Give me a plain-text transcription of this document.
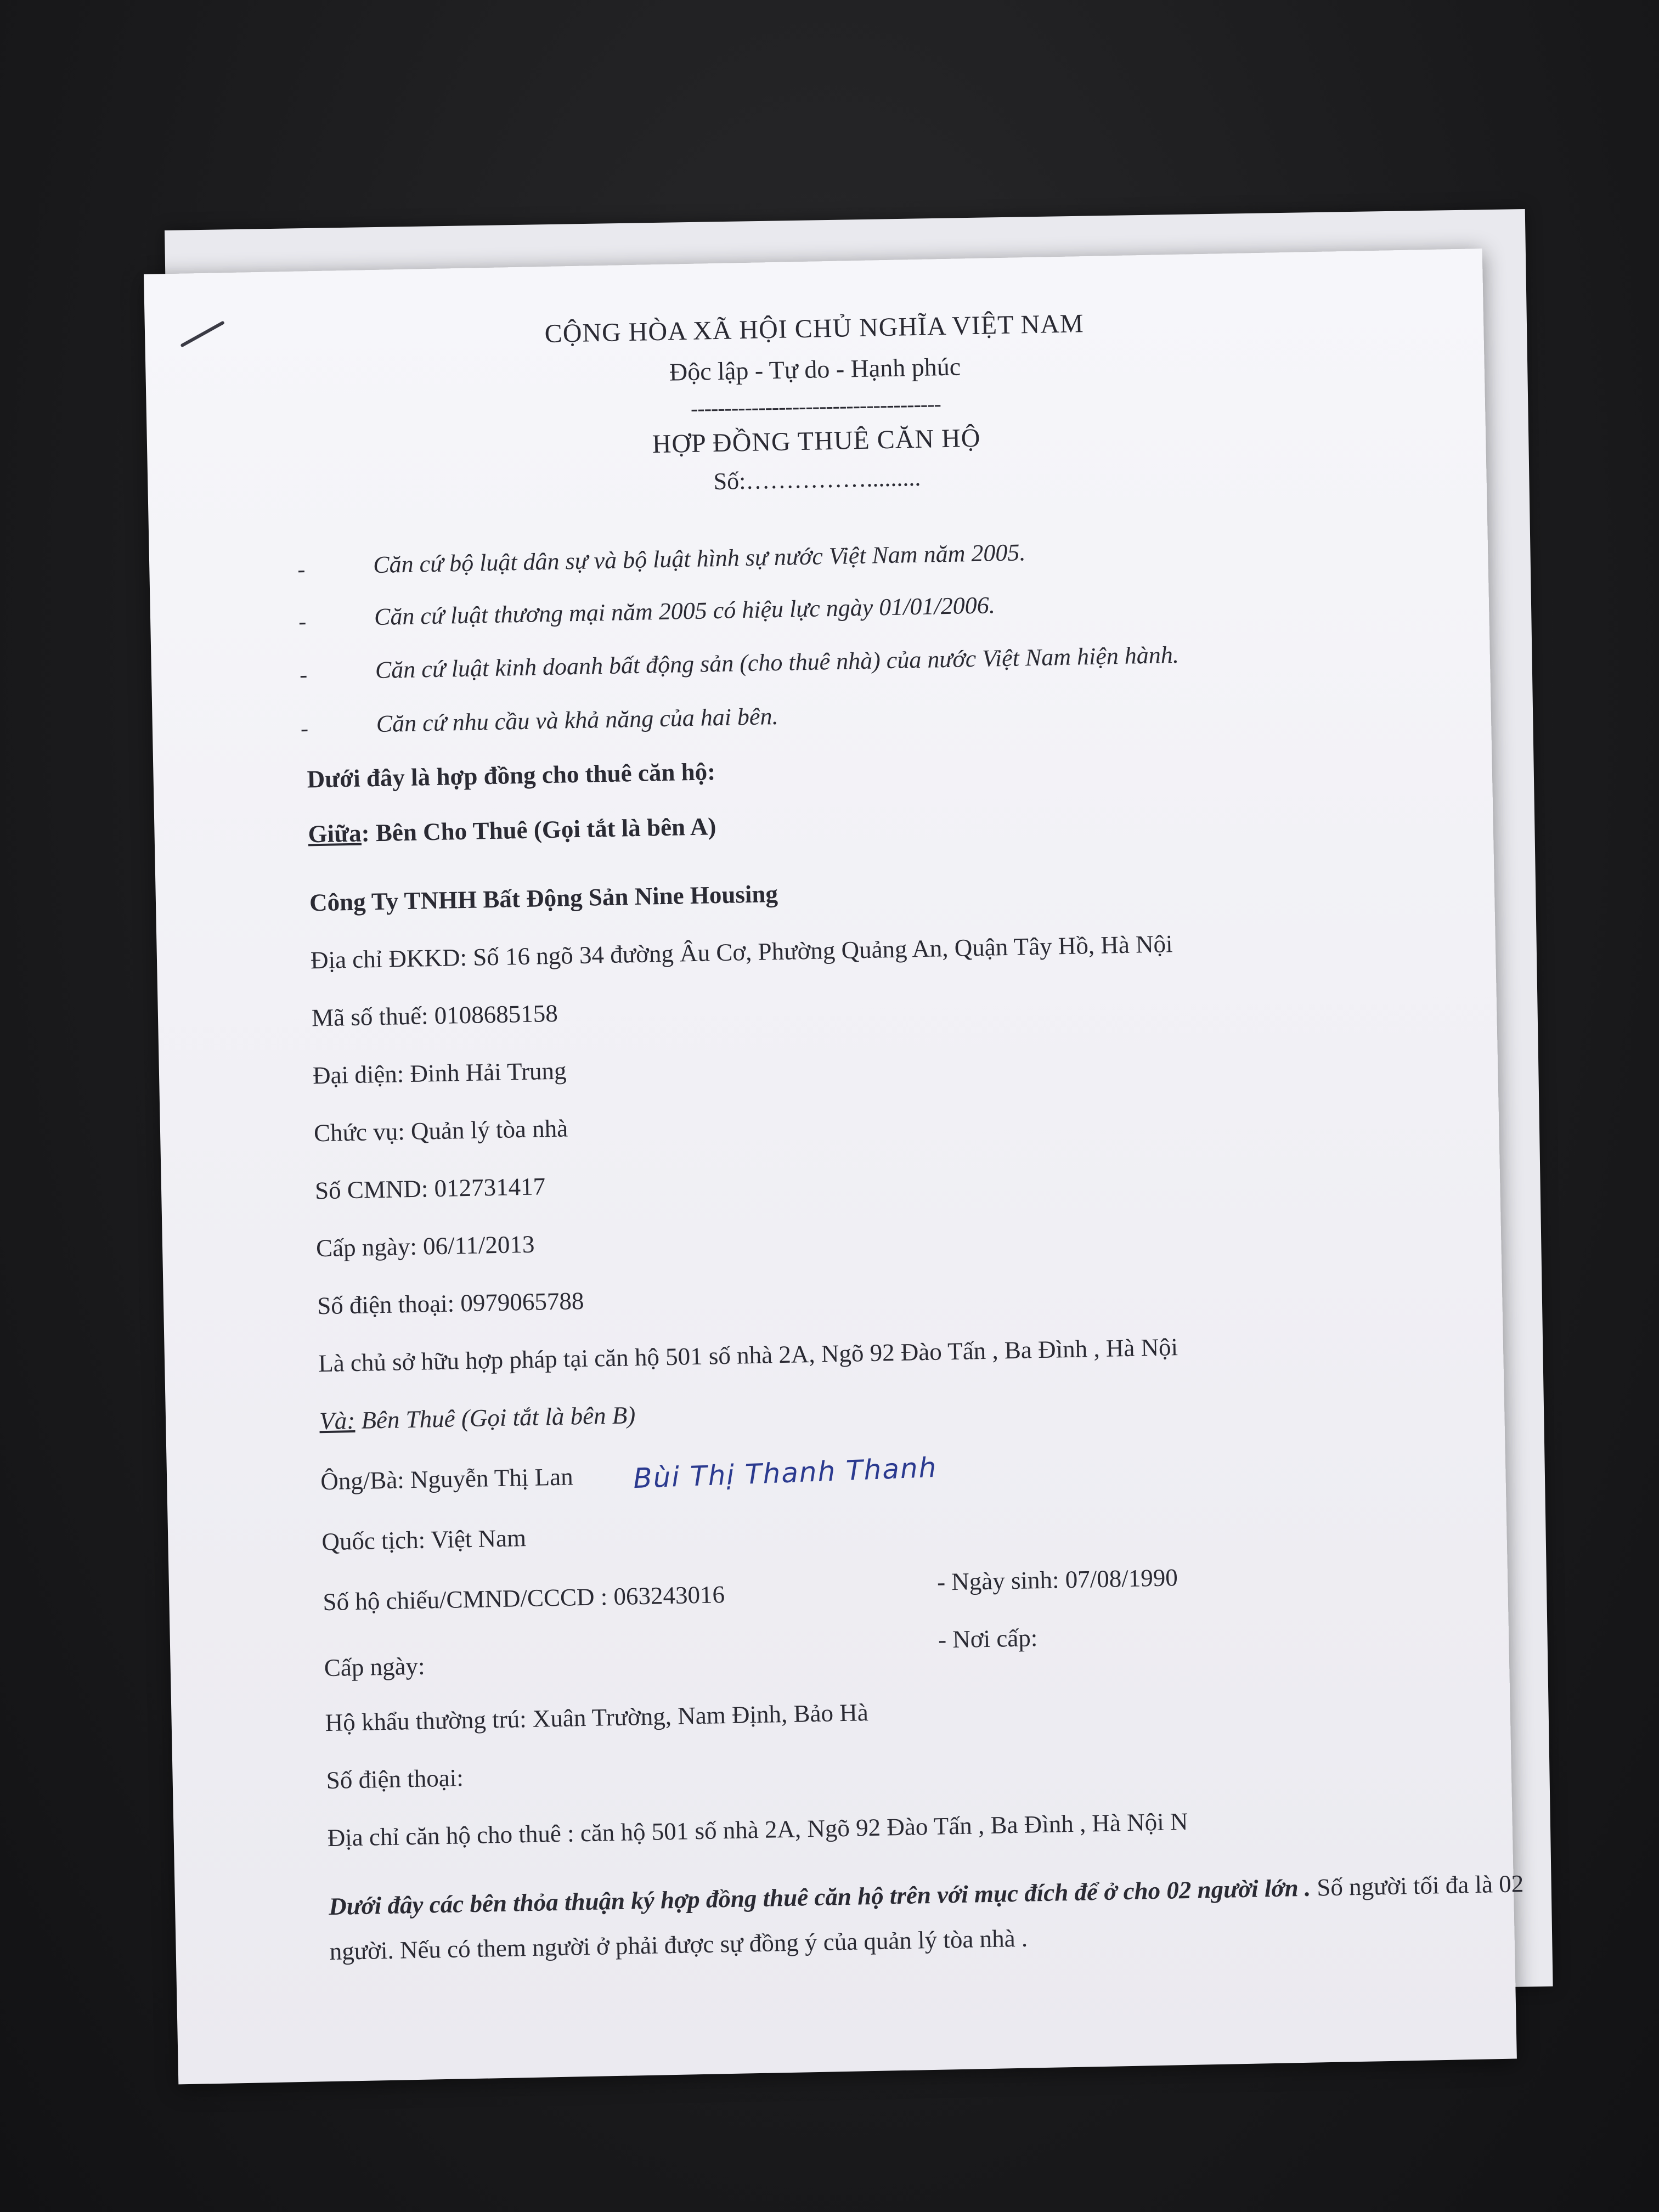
CỘNG HÒA XÃ HỘI CHỦ NGHĨA VIỆT NAM
Độc lập - Tự do - Hạnh phúc
-------------------------------------
HỢP ĐỒNG THUÊ CĂN HỘ
Số:…………….........
-	Căn cứ bộ luật dân sự và bộ luật hình sự nước Việt Nam năm 2005.
-	Căn cứ luật thương mại năm 2005 có hiệu lực ngày 01/01/2006.
-	Căn cứ luật kinh doanh bất động sản (cho thuê nhà) của nước Việt Nam hiện hành.
-	Căn cứ nhu cầu và khả năng của hai bên.
Dưới đây là hợp đồng cho thuê căn hộ:
Giữa: Bên Cho Thuê (Gọi tắt là bên A)
Công Ty TNHH Bất Động Sản Nine Housing
Địa chỉ ĐKKD: Số 16 ngõ 34 đường Âu Cơ, Phường Quảng An, Quận Tây Hồ, Hà Nội
Mã số thuế: 0108685158
Đại diện: Đinh Hải Trung
Chức vụ: Quản lý tòa nhà
Số CMND: 012731417
Cấp ngày: 06/11/2013
Số điện thoại: 0979065788
Là chủ sở hữu hợp pháp tại căn hộ 501 số nhà 2A, Ngõ 92 Đào Tấn , Ba Đình , Hà Nội
Và: Bên Thuê (Gọi tắt là bên B)
Ông/Bà: Nguyễn Thị Lan Bùi Thị Thanh Thanh
Quốc tịch: Việt Nam
Số hộ chiếu/CMND/CCCD : 063243016
- Ngày sinh: 07/08/1990
- Nơi cấp:
Cấp ngày:
Hộ khẩu thường trú: Xuân Trường, Nam Định, Bảo Hà
Số điện thoại:
Địa chỉ căn hộ cho thuê : căn hộ 501 số nhà 2A, Ngõ 92 Đào Tấn , Ba Đình , Hà Nội N
Dưới đây các bên thỏa thuận ký hợp đồng thuê căn hộ trên với mục đích để ở cho 02 người lớn . Số người tối đa là 02 người. Nếu có them người ở phải được sự đồng ý của quản lý tòa nhà .
